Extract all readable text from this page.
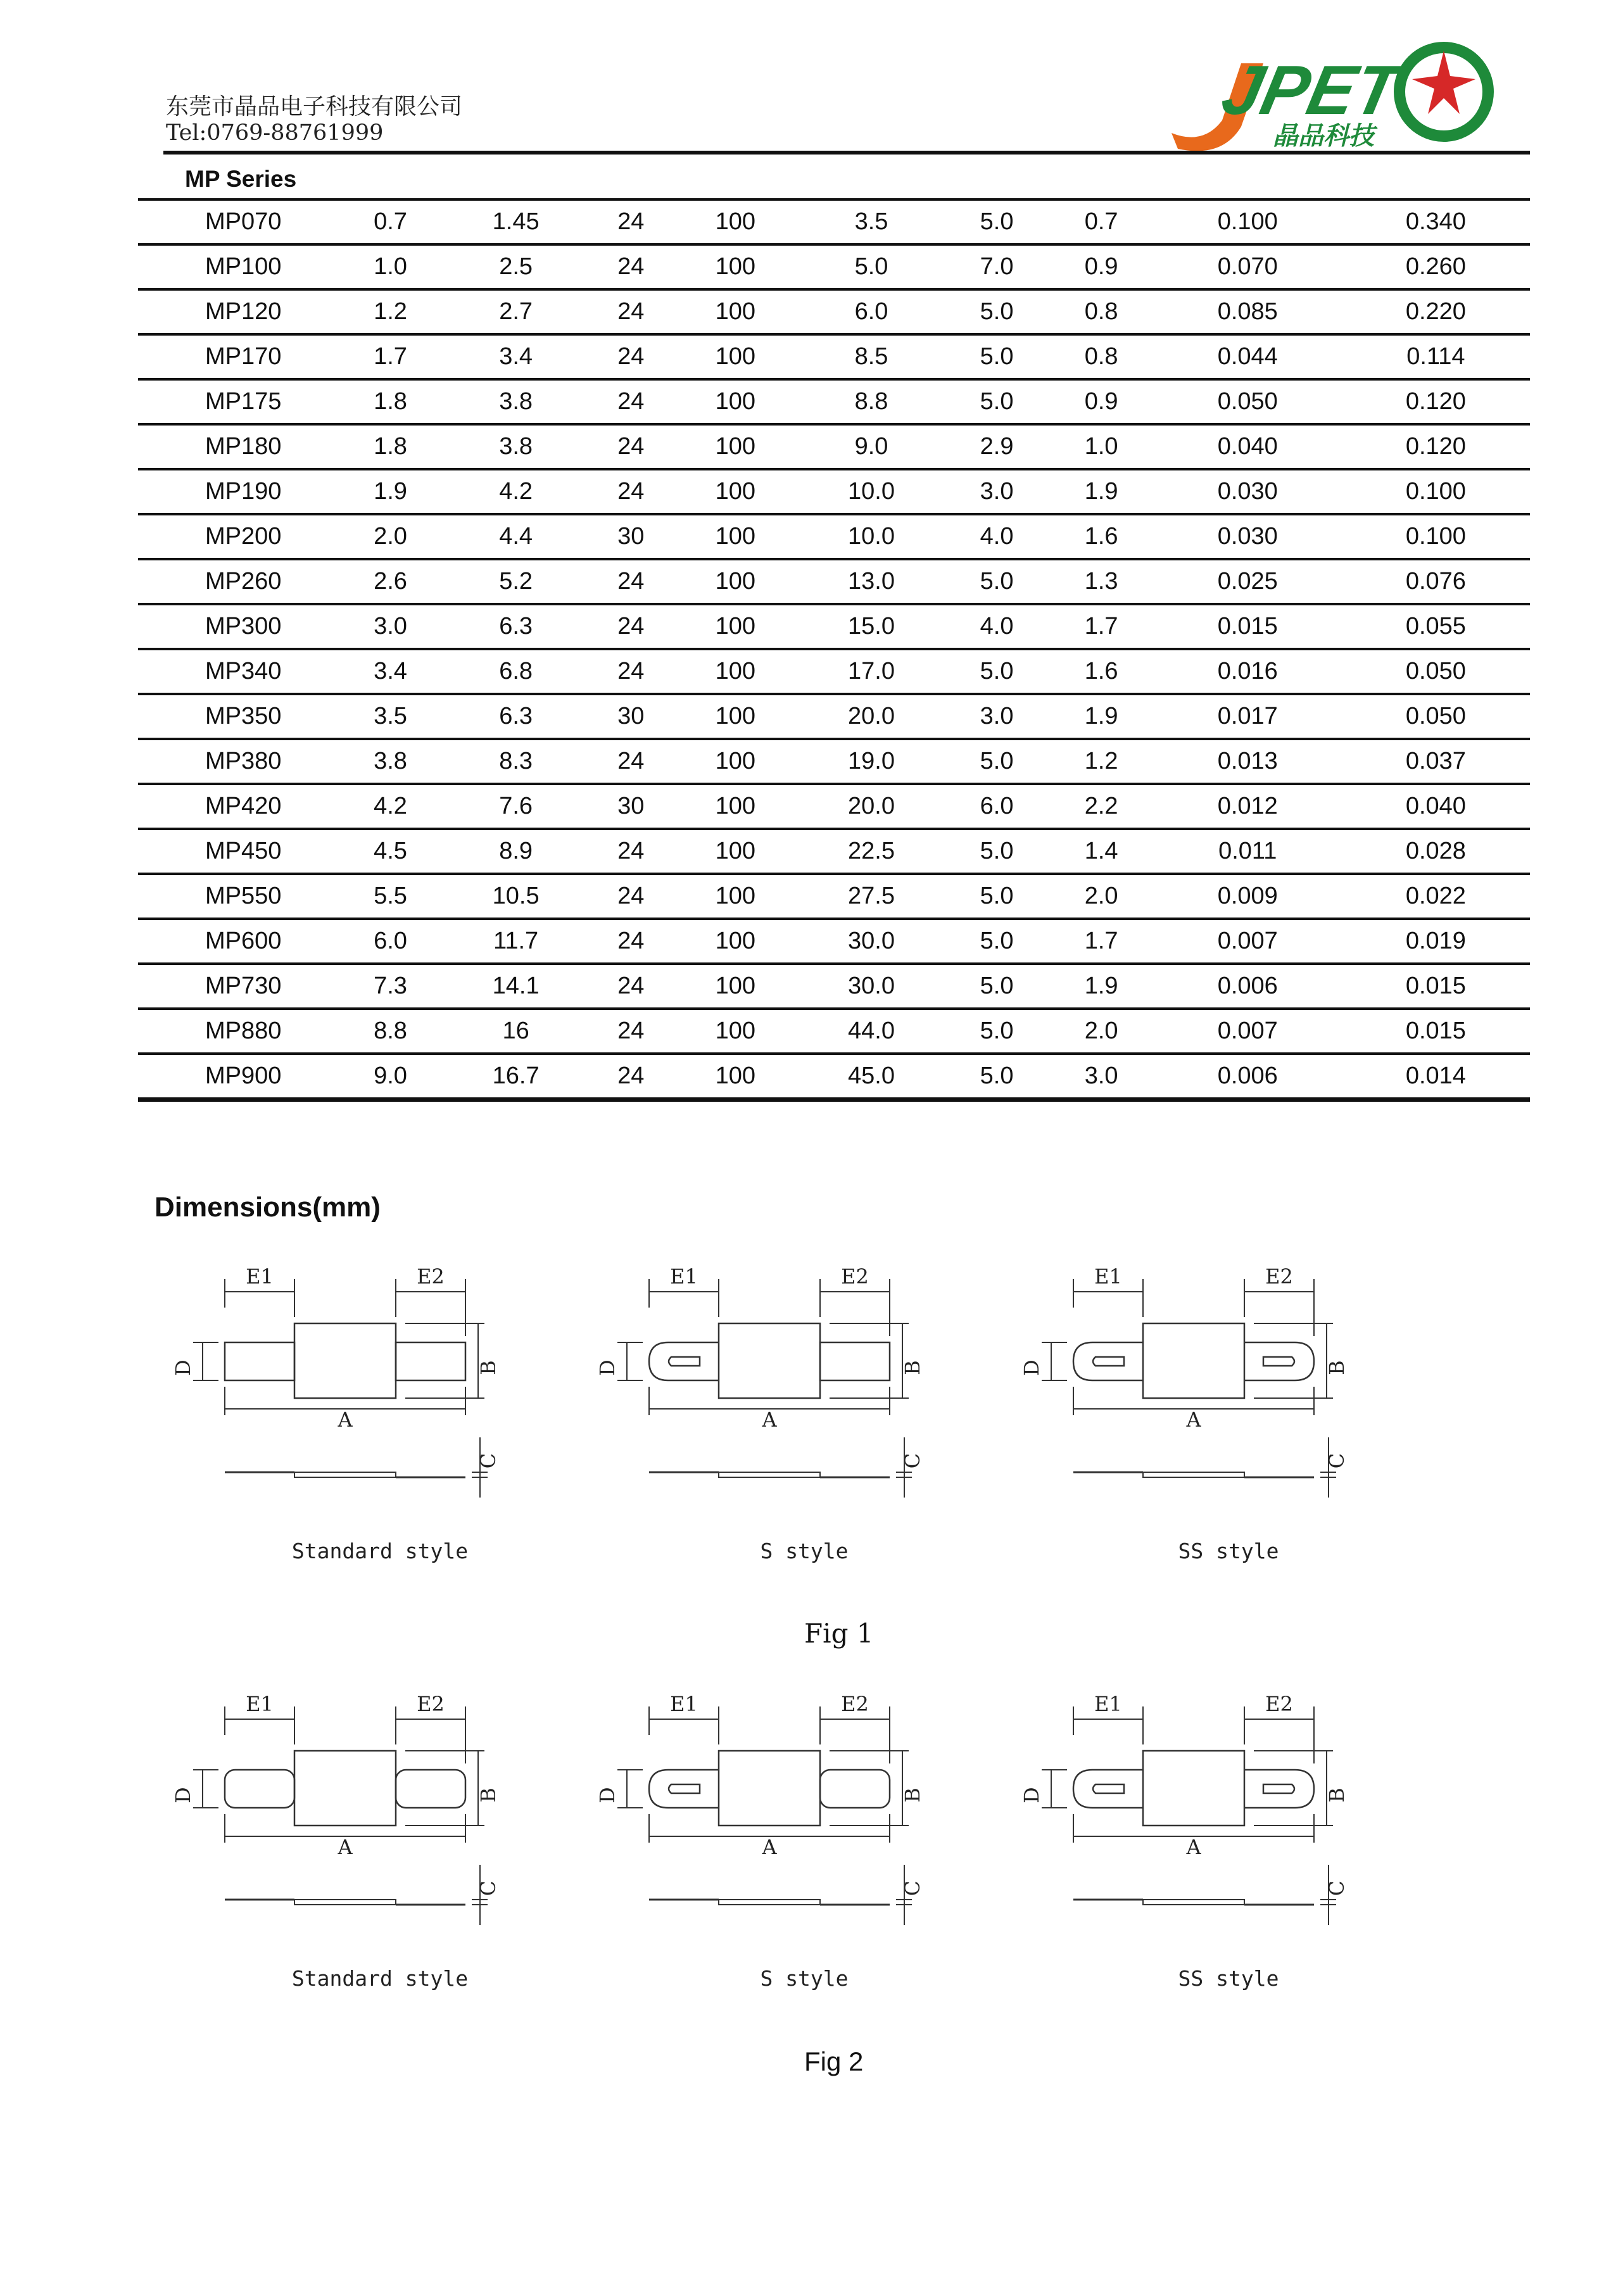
东莞市晶品电子科技有限公司
Tel:0769-88761999
JPET
晶品科技
MP Series
MP070	0.7	1.45	24	100	3.5	5.0	0.7	0.100	0.340
MP100	1.0	2.5	24	100	5.0	7.0	0.9	0.070	0.260
MP120	1.2	2.7	24	100	6.0	5.0	0.8	0.085	0.220
MP170	1.7	3.4	24	100	8.5	5.0	0.8	0.044	0.114
MP175	1.8	3.8	24	100	8.8	5.0	0.9	0.050	0.120
MP180	1.8	3.8	24	100	9.0	2.9	1.0	0.040	0.120
MP190	1.9	4.2	24	100	10.0	3.0	1.9	0.030	0.100
MP200	2.0	4.4	30	100	10.0	4.0	1.6	0.030	0.100
MP260	2.6	5.2	24	100	13.0	5.0	1.3	0.025	0.076
MP300	3.0	6.3	24	100	15.0	4.0	1.7	0.015	0.055
MP340	3.4	6.8	24	100	17.0	5.0	1.6	0.016	0.050
MP350	3.5	6.3	30	100	20.0	3.0	1.9	0.017	0.050
MP380	3.8	8.3	24	100	19.0	5.0	1.2	0.013	0.037
MP420	4.2	7.6	30	100	20.0	6.0	2.2	0.012	0.040
MP450	4.5	8.9	24	100	22.5	5.0	1.4	0.011	0.028
MP550	5.5	10.5	24	100	27.5	5.0	2.0	0.009	0.022
MP600	6.0	11.7	24	100	30.0	5.0	1.7	0.007	0.019
MP730	7.3	14.1	24	100	30.0	5.0	1.9	0.006	0.015
MP880	8.8	16	24	100	44.0	5.0	2.0	0.007	0.015
MP900	9.0	16.7	24	100	45.0	5.0	3.0	0.006	0.014
Dimensions(mm)
E1	E2
A
B
D
C
Standard style
E1	E2
A
B
D
C
S style
E1	E2
A
B
D
C
SS style
E1	E2
A
B
D
C
Standard style
E1	E2
A
B
D
C
S style
E1	E2
A
B
D
C
SS style
Fig 1
Fig 2
